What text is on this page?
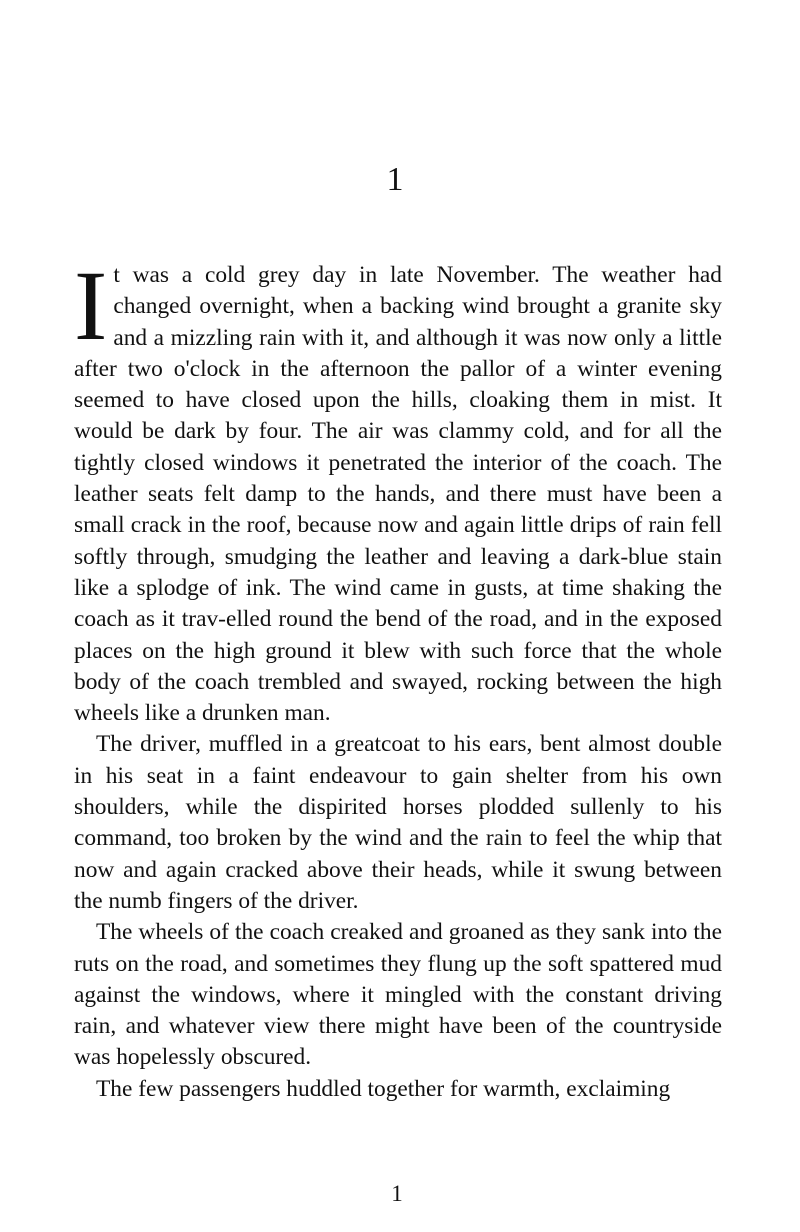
1

It was a cold grey day in late November. The weather had changed overnight, when a backing wind brought a granite sky and a mizzling rain with it, and although it was now only a little after two o'clock in the afternoon the pallor of a winter evening seemed to have closed upon the hills, cloaking them in mist. It would be dark by four. The air was clammy cold, and for all the tightly closed windows it penetrated the interior of the coach. The leather seats felt damp to the hands, and there must have been a small crack in the roof, because now and again little drips of rain fell softly through, smudging the leather and leaving a dark-blue stain like a splodge of ink. The wind came in gusts, at time shaking the coach as it trav-elled round the bend of the road, and in the exposed places on the high ground it blew with such force that the whole body of the coach trembled and swayed, rocking between the high wheels like a drunken man.

The driver, muffled in a greatcoat to his ears, bent almost double in his seat in a faint endeavour to gain shelter from his own shoulders, while the dispirited horses plodded sullenly to his command, too broken by the wind and the rain to feel the whip that now and again cracked above their heads, while it swung between the numb fingers of the driver.

The wheels of the coach creaked and groaned as they sank into the ruts on the road, and sometimes they flung up the soft spattered mud against the windows, where it mingled with the constant driving rain, and whatever view there might have been of the countryside was hopelessly obscured.

The few passengers huddled together for warmth, exclaiming

1
